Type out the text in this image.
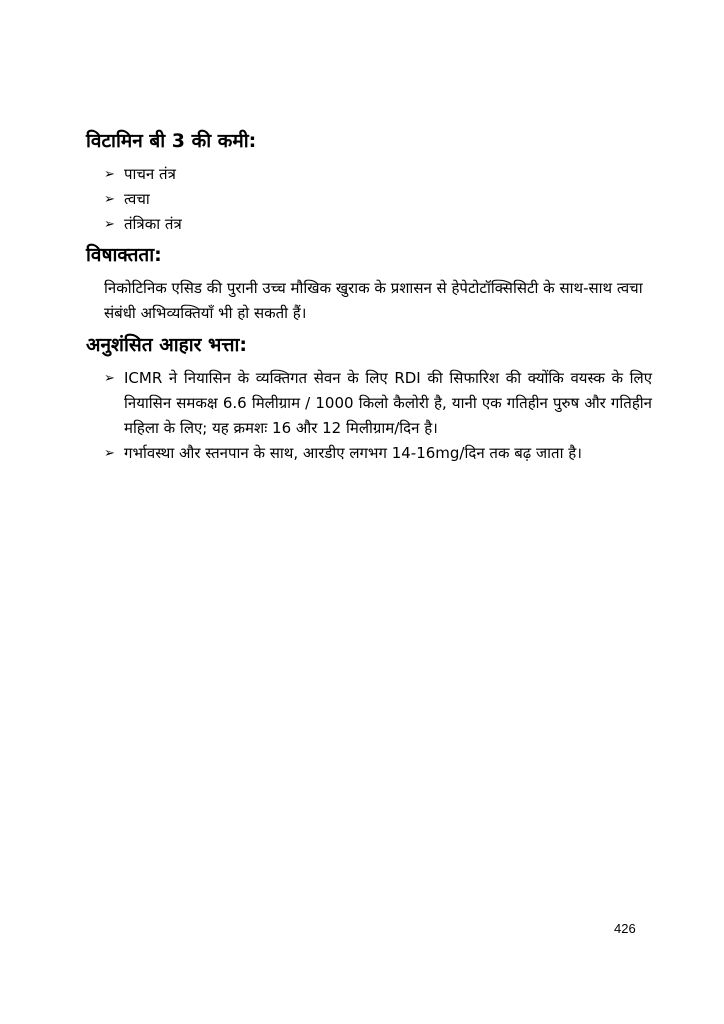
विटामिन बी 3 की कमी:
➢ पाचन तंत्र
➢ त्वचा
➢ तंत्रिका तंत्र
विषाक्तता:

निकोटिनिक एसिड की पुरानी उच्च मौखिक खुराक के प्रशासन से हेपेटोटॉक्सिसिटी के साथ-साथ त्वचा संबंधी अभिव्यक्तियाँ भी हो सकती हैं।

अनुशंसित आहार भत्ता:
➢ ICMR ने नियासिन के व्यक्तिगत सेवन के लिए RDI की सिफारिश की क्योंकि वयस्क के लिए नियासिन समकक्ष 6.6 मिलीग्राम / 1000 किलो कैलोरी है, यानी एक गतिहीन पुरुष और गतिहीन महिला के लिए; यह क्रमशः 16 और 12 मिलीग्राम/दिन है।
➢ गर्भावस्था और स्तनपान के साथ, आरडीए लगभग 14-16mg/दिन तक बढ़ जाता है।
426
